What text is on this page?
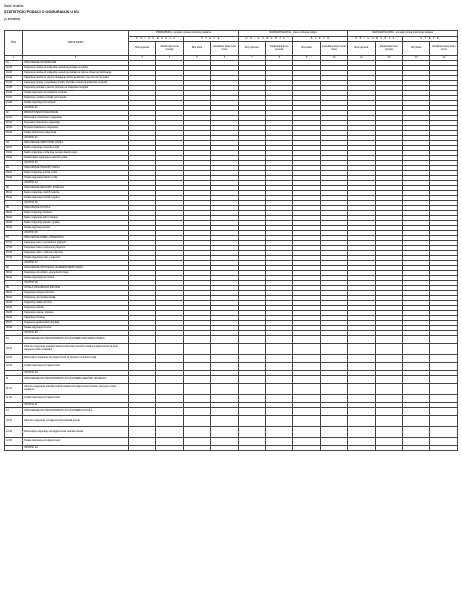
Naziv društva
STATISTIČKI PODACI O OSIGURANJU U EU
(u kunama)
Šifra	VRSTE RIZIKA	PODRUŽNICA - temeljem prava poslovnog nastana				NAKNADOSLOVNA - pravo pružanja usluga				NAKNADOSLOVNA - temeljem prava poslovnog nastana			
		O S I G U R A N J A		Š T E T E		O S I G U R A N J A		Š T E T E		O S I G U R A N J A		Š T E T E	
		Broj ugovora	Zaračunata bruto premija	Broj šteta	Likvidirane štete bruto iznos	Broj ugovora	Zaračunata bruto premija	Broj šteta	Likvidirane štete bruto iznos	Broj ugovora	Zaračunata bruto premija	Broj šteta	Likvidirane štete bruto iznos
1	2	3	4	5	6	7	8	9	10	11	12	13	14
01	OSIGURANJE OD NEZGODE												
01.01	Osiguranje osoba od posljedica nesretnog slučaja (nezgode)												
01.02	Osiguranje osoba od posljedica nesretnog slučaja za vrijeme obveznog školovanja												
01.03	Osiguranje osoba za vrijeme obavljanja radnih djelatnosti i na putu od i do posla												
01.04	Osiguranje gostiju, posjetitelja priredbi, izletnika i turista od posljedica nezgode												
01.05	Osiguranje putnika u javnom prometu od posljedica nezgode												
01.06	Ostala osiguranja od posljedica nezgode												
01.07	Osiguranje vozača i putnika od nezgode												
01.08	Ostala osiguranja od nezgode												
	UKUPNO 01												
02	ZDRAVSTVENO OSIGURANJE												
02.01	Dobrovoljno zdravstveno osiguranje												
02.02	Dopunsko zdravstveno osiguranje												
02.03	Privatno zdravstveno osiguranje												
02.04	Ostala zdravstvena osiguranja												
	UKUPNO 02												
03	OSIGURANJE CESTOVNIH VOZILA												
03.01	Kasko osiguranje motornih vozila												
03.02	Kasko osiguranje vozila koja nemaju vlastiti pogon												
03.03	Ostala kasko osiguranja cestovnih vozila												
	UKUPNO 03												
04	OSIGURANJE TRAČNIH VOZILA												
04.01	Kasko osiguranje tračnih vozila												
04.02	Ostala osiguranja tračnih vozila												
	UKUPNO 04												
05	OSIGURANJE ZRAČNIH LETJELICA												
05.01	Kasko osiguranje zračnih letjelica												
05.02	Ostala osiguranja zračnih letjelica												
	UKUPNO 05												
06	OSIGURANJE PLOVILA												
06.01	Kasko osiguranje brodova												
06.02	Kasko osiguranje jahti i čamaca												
06.03	Kasko osiguranje plovila u gradnji												
06.04	Ostala osiguranja plovila												
	UKUPNO 06												
07	OSIGURANJE ROBE U PRIJEVOZU												
07.01	Osiguranje robe u pomorskom prijevozu												
07.02	Osiguranje robe u kopnenom prijevozu												
07.03	Osiguranje robe u zračnom prijevozu												
07.04	Ostala osiguranja robe u prijevozu												
	UKUPNO 07												
08	OSIGURANJE OD POŽARA I ELEMENTARNIH ŠTETA												
08.01	Osiguranje od požara i elementarnih šteta												
08.02	Ostala osiguranja od požara												
	UKUPNO 08												
09	OSTALA OSIGURANJA IMOVINE												
09.01	Osiguranje strojeva od loma												
09.02	Osiguranje od provalne krađe												
09.03	Osiguranje stakla od loma												
09.04	Osiguranje tehnike												
09.05	Osiguranje usjeva i plodova												
09.06	Osiguranje životinja												
09.07	Osiguranje građevinskih objekata												
09.08	Ostala osiguranja imovine												
	UKUPNO 09												
10	OSIGURANJE OD ODGOVORNOSTI ZA UPOTREBU MOTORNIH VOZILA												
10.01	Obvezno osiguranje vlasnika odnosno korisnika motornih vozila od odgovornosti za štete nanesene trećim osobama												
10.02	Dobrovoljno osiguranje od odgovornosti za upotrebu motornih vozila												
10.03	Ostala osiguranja od odgovornosti												
	UKUPNO 10												
11	OSIGURANJE OD ODGOVORNOSTI ZA UPOTREBU ZRAČNIH LETJELICA												
11.01	Obvezno osiguranje vlasnika zračnih letjelica od odgovornosti za štete nanesene trećim osobama												
11.02	Ostala osiguranja od odgovornosti												
	UKUPNO 11												
12	OSIGURANJE OD ODGOVORNOSTI ZA UPOTREBU PLOVILA												
12.01	Obvezno osiguranje od odgovornosti vlasnika plovila												
12.02	Dobrovoljno osiguranje od odgovornosti vlasnika plovila												
12.03	Ostala osiguranja od odgovornosti												
	UKUPNO 12												
